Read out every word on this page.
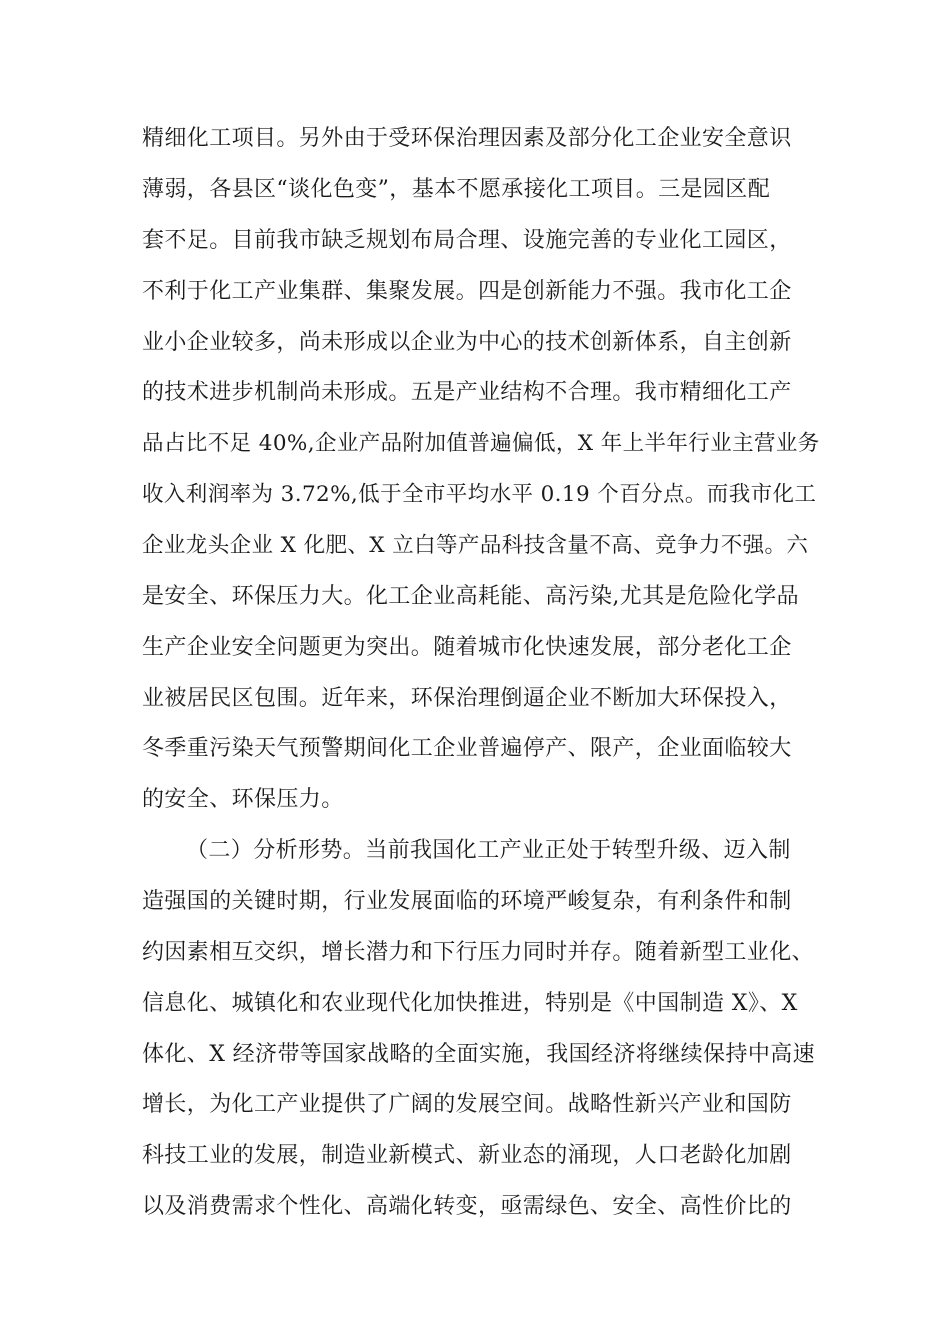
精细化工项目。另外由于受环保治理因素及部分化工企业安全意识
薄弱，各县区“谈化色变”，基本不愿承接化工项目。三是园区配
套不足。目前我市缺乏规划布局合理、设施完善的专业化工园区，
不利于化工产业集群、集聚发展。四是创新能力不强。我市化工企
业小企业较多，尚未形成以企业为中心的技术创新体系，自主创新
的技术进步机制尚未形成。五是产业结构不合理。我市精细化工产
品占比不足 40%,企业产品附加值普遍偏低，X 年上半年行业主营业务
收入利润率为 3.72%,低于全市平均水平 0.19 个百分点。而我市化工
企业龙头企业 X 化肥、X 立白等产品科技含量不高、竞争力不强。六
是安全、环保压力大。化工企业高耗能、高污染,尤其是危险化学品
生产企业安全问题更为突出。随着城市化快速发展，部分老化工企
业被居民区包围。近年来，环保治理倒逼企业不断加大环保投入，
冬季重污染天气预警期间化工企业普遍停产、限产，企业面临较大
的安全、环保压力。
（二）分析形势。当前我国化工产业正处于转型升级、迈入制
造强国的关键时期，行业发展面临的环境严峻复杂，有利条件和制
约因素相互交织，增长潜力和下行压力同时并存。随着新型工业化、
信息化、城镇化和农业现代化加快推进，特别是《中国制造 X》、X
体化、X 经济带等国家战略的全面实施，我国经济将继续保持中高速
增长，为化工产业提供了广阔的发展空间。战略性新兴产业和国防
科技工业的发展，制造业新模式、新业态的涌现，人口老龄化加剧
以及消费需求个性化、高端化转变，亟需绿色、安全、高性价比的
